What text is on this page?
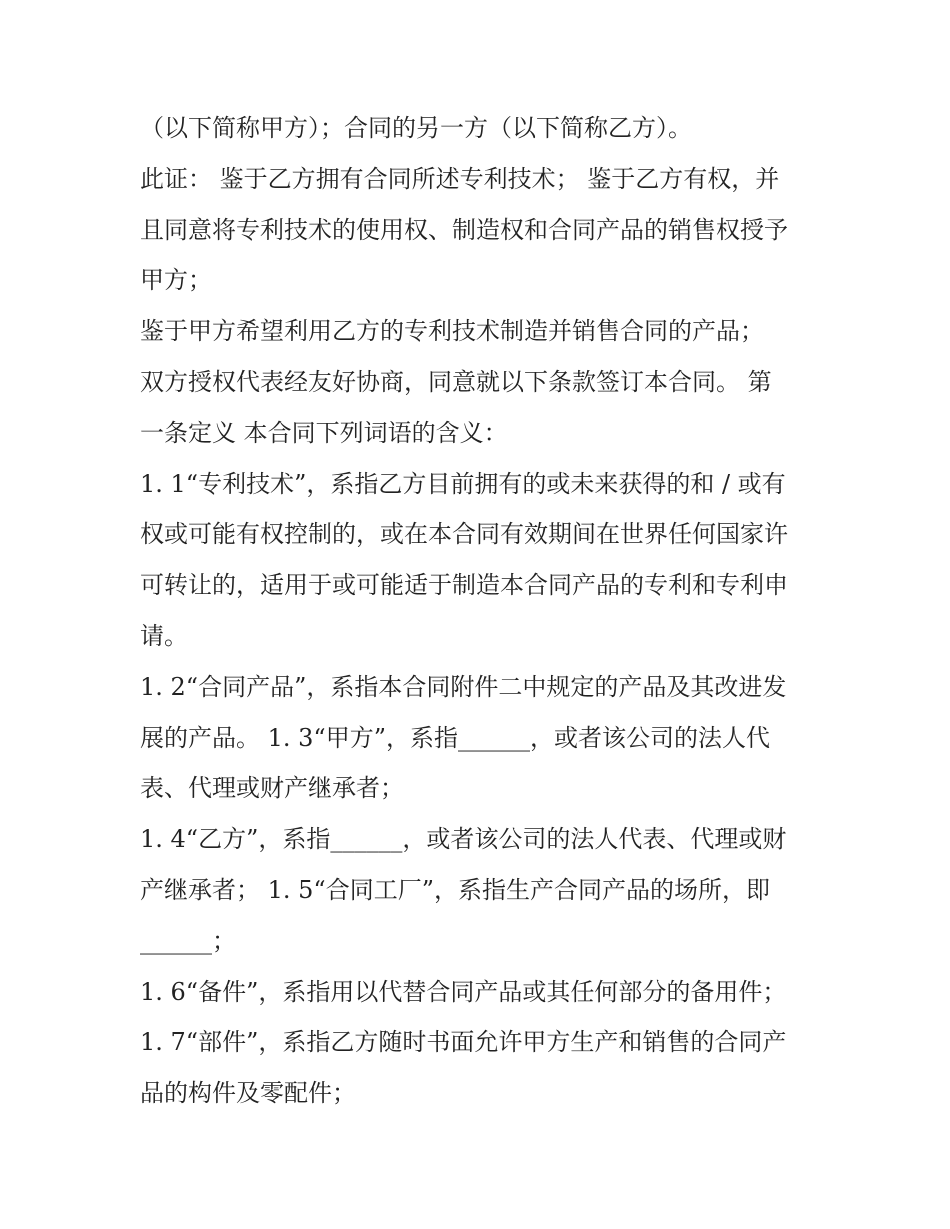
（以下简称甲方）；合同的另一方（以下简称乙方）。
此证： 鉴于乙方拥有合同所述专利技术； 鉴于乙方有权，并
且同意将专利技术的使用权、制造权和合同产品的销售权授予
甲方；
鉴于甲方希望利用乙方的专利技术制造并销售合同的产品；
双方授权代表经友好协商，同意就以下条款签订本合同。 第
一条定义 本合同下列词语的含义：
1. 1“专利技术”，系指乙方目前拥有的或未来获得的和 / 或有
权或可能有权控制的，或在本合同有效期间在世界任何国家许
可转让的，适用于或可能适于制造本合同产品的专利和专利申
请。
1. 2“合同产品”，系指本合同附件二中规定的产品及其改进发
展的产品。 1. 3“甲方”，系指______，或者该公司的法人代
表、代理或财产继承者；
1. 4“乙方”，系指______，或者该公司的法人代表、代理或财
产继承者； 1. 5“合同工厂”，系指生产合同产品的场所，即
______；
1. 6“备件”，系指用以代替合同产品或其任何部分的备用件；
1. 7“部件”，系指乙方随时书面允许甲方生产和销售的合同产
品的构件及零配件；
